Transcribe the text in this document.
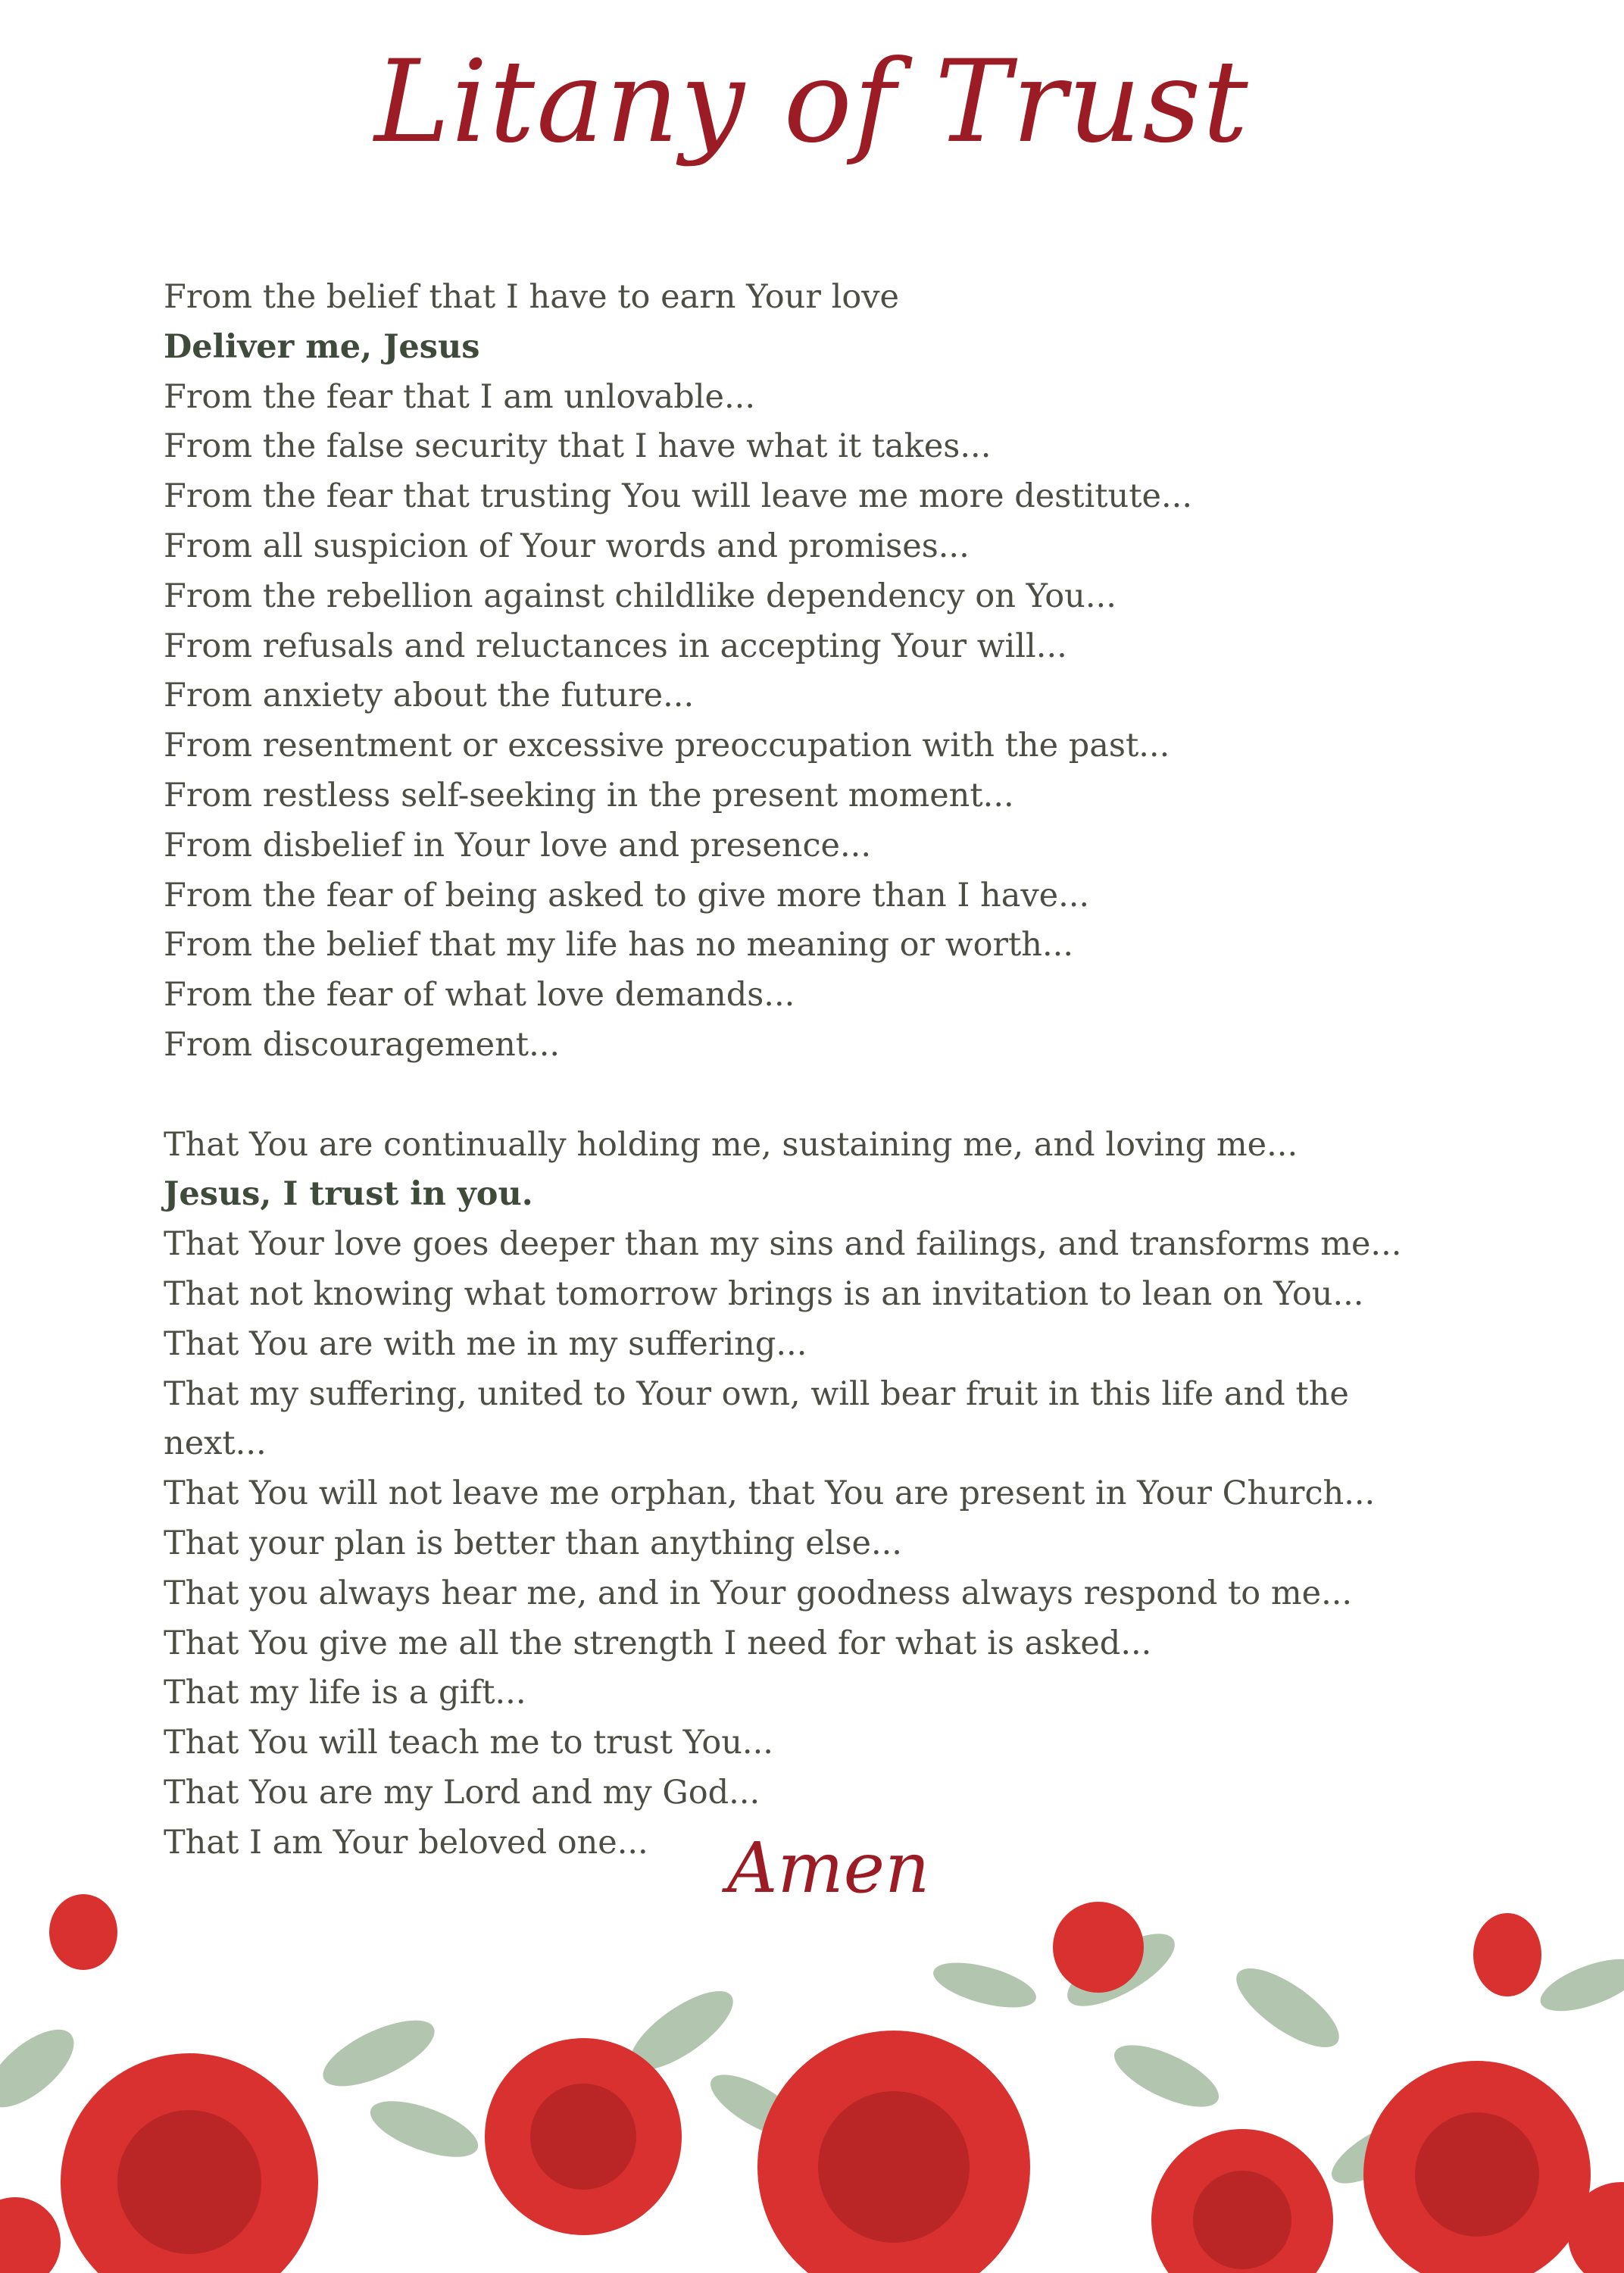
Litany of Trust
From the belief that I have to earn Your love
Deliver me, Jesus
From the fear that I am unlovable...
From the false security that I have what it takes...
From the fear that trusting You will leave me more destitute...
From all suspicion of Your words and promises...
From the rebellion against childlike dependency on You...
From refusals and reluctances in accepting Your will...
From anxiety about the future...
From resentment or excessive preoccupation with the past...
From restless self-seeking in the present moment...
From disbelief in Your love and presence...
From the fear of being asked to give more than I have...
From the belief that my life has no meaning or worth...
From the fear of what love demands...
From discouragement...
That You are continually holding me, sustaining me, and loving me...
Jesus, I trust in you.
That Your love goes deeper than my sins and failings, and transforms me...
That not knowing what tomorrow brings is an invitation to lean on You...
That You are with me in my suffering...
That my suffering, united to Your own, will bear fruit in this life and the next...
That You will not leave me orphan, that You are present in Your Church...
That your plan is better than anything else...
That you always hear me, and in Your goodness always respond to me...
That You give me all the strength I need for what is asked...
That my life is a gift...
That You will teach me to trust You...
That You are my Lord and my God...
That I am Your beloved one...	Amen
